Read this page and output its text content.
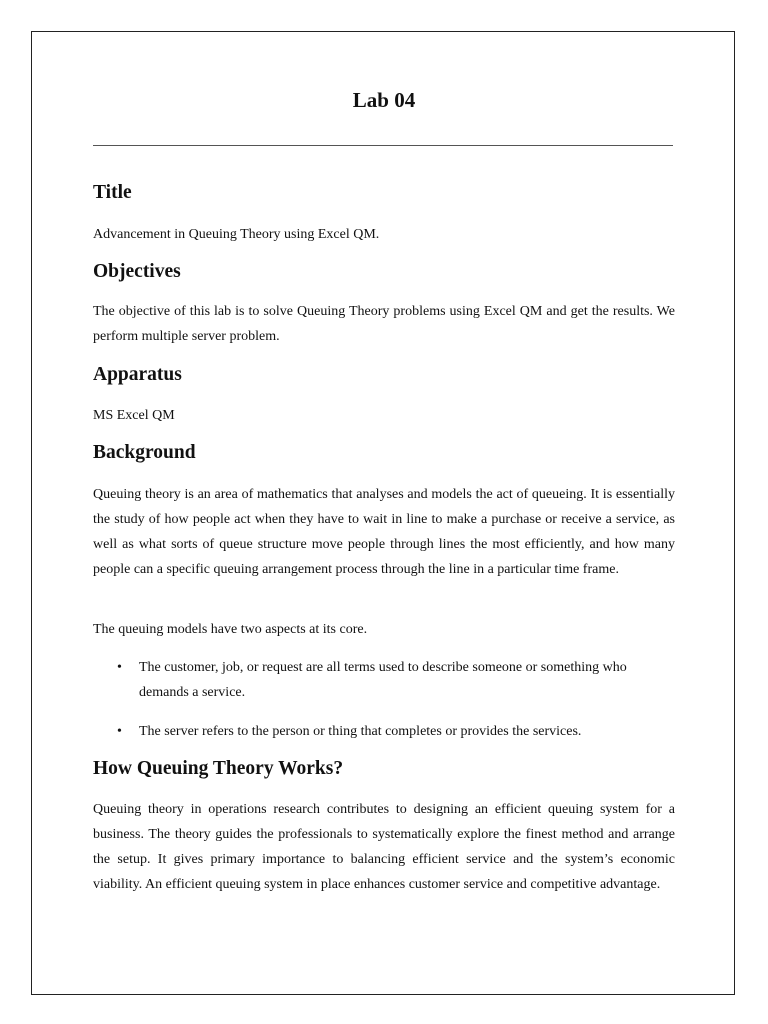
Lab 04
Title

Advancement in Queuing Theory using Excel QM.

Objectives

The objective of this lab is to solve Queuing Theory problems using Excel QM and get the results. We perform multiple server problem.

Apparatus

MS Excel QM

Background

Queuing theory is an area of mathematics that analyses and models the act of queueing. It is essentially the study of how people act when they have to wait in line to make a purchase or receive a service, as well as what sorts of queue structure move people through lines the most efficiently, and how many people can a specific queuing arrangement process through the line in a particular time frame.

The queuing models have two aspects at its core.

• The customer, job, or request are all terms used to describe someone or something who demands a service.
• The server refers to the person or thing that completes or provides the services.
How Queuing Theory Works?

Queuing theory in operations research contributes to designing an efficient queuing system for a business. The theory guides the professionals to systematically explore the finest method and arrange the setup. It gives primary importance to balancing efficient service and the system’s economic viability. An efficient queuing system in place enhances customer service and competitive advantage.
